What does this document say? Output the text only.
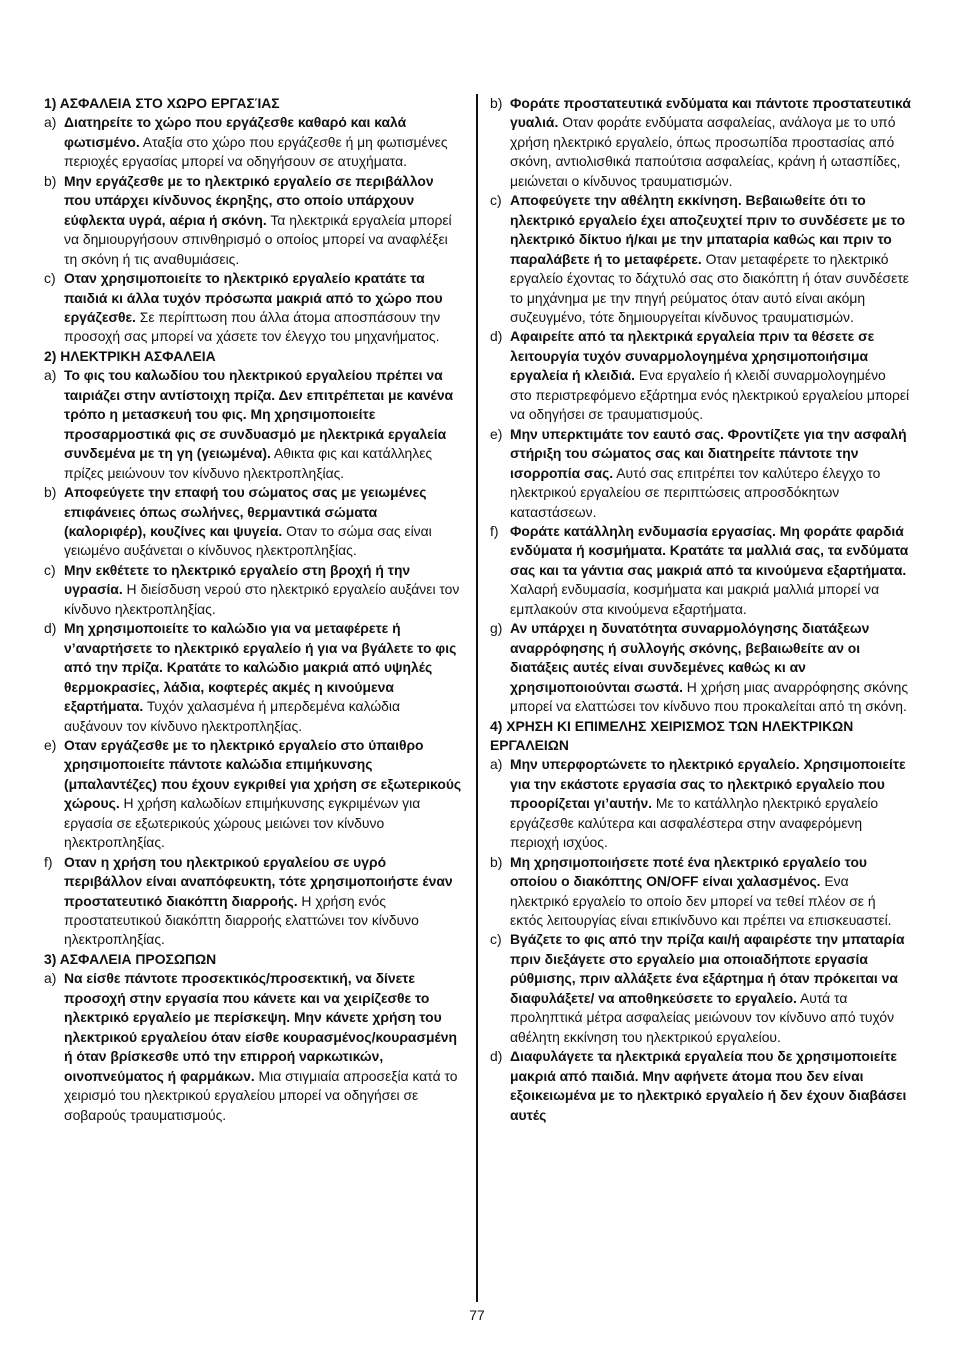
1) ΑΣΦΑΛΕΙΑ ΣΤΟ ΧΩΡΟ ΕΡΓΑΣΊΑΣ
a) Διατηρείτε το χώρο που εργάζεσθε καθαρό και καλά φωτισμένο. Αταξία στο χώρο που εργάζεσθε ή μη φωτισμένες περιοχές εργασίας μπορεί να οδηγήσουν σε ατυχήματα.
b) Μην εργάζεσθε με το ηλεκτρικό εργαλείο σε περιβάλλον που υπάρχει κίνδυνος έκρηξης, στο οποίο υπάρχουν εύφλεκτα υγρά, αέρια ή σκόνη. Τα ηλεκτρικά εργαλεία μπορεί να δημιουργήσουν σπινθηρισμό ο οποίος μπορεί να αναφλέξει τη σκόνη ή τις αναθυμιάσεις.
c) Οταν χρησιμοποιείτε το ηλεκτρικό εργαλείο κρατάτε τα παιδιά κι άλλα τυχόν πρόσωπα μακριά από το χώρο που εργάζεσθε. Σε περίπτωση που άλλα άτομα αποσπάσουν την προσοχή σας μπορεί να χάσετε τον έλεγχο του μηχανήματος.
2) ΗΛΕΚΤΡΙΚΗ ΑΣΦΑΛΕΙΑ
a) Το φις του καλωδίου του ηλεκτρικού εργαλείου πρέπει να ταιριάζει στην αντίστοιχη πρίζα. Δεν επιτρέπεται με κανένα τρόπο η μετασκευή του φις. Μη χρησιμοποιείτε προσαρμοστικά φις σε συνδυασμό με ηλεκτρικά εργαλεία συνδεμένα με τη γη (γειωμένα). Αθικτα φις και κατάλληλες πρίζες μειώνουν τον κίνδυνο ηλεκτροπληξίας.
b) Αποφεύγετε την επαφή του σώματος σας με γειωμένες επιφάνειες όπως σωλήνες, θερμαντικά σώματα (καλοριφέρ), κουζίνες και ψυγεία. Οταν το σώμα σας είναι γειωμένο αυξάνεται ο κίνδυνος ηλεκτροπληξίας.
c) Μην εκθέτετε το ηλεκτρικό εργαλείο στη βροχή ή την υγρασία. Η διείσδυση νερού στο ηλεκτρικό εργαλείο αυξάνει τον κίνδυνο ηλεκτροπληξίας.
d) Μη χρησιμοποιείτε το καλώδιο για να μεταφέρετε ή ν’αναρτήσετε το ηλεκτρικό εργαλείο ή για να βγάλετε το φις από την πρίζα. Κρατάτε το καλώδιο μακριά από υψηλές θερμοκρασίες, λάδια, κοφτερές ακμές η κινούμενα εξαρτήματα. Τυχόν χαλασμένα ή μπερδεμένα καλώδια αυξάνουν τον κίνδυνο ηλεκτροπληξίας.
e) Οταν εργάζεσθε με το ηλεκτρικό εργαλείο στο ύπαιθρο χρησιμοποιείτε πάντοτε καλώδια επιμήκυνσης (μπαλαντέζες) που έχουν εγκριθεί για χρήση σε εξωτερικούς χώρους. Η χρήση καλωδίων επιμήκυνσης εγκριμένων για εργασία σε εξωτερικούς χώρους μειώνει τον κίνδυνο ηλεκτροπληξίας.
f) Οταν η χρήση του ηλεκτρικού εργαλείου σε υγρό περιβάλλον είναι αναπόφευκτη, τότε χρησιμοποιήστε έναν προστατευτικό διακόπτη διαρροής. Η χρήση ενός προστατευτικού διακόπτη διαρροής ελαττώνει τον κίνδυνο ηλεκτροπληξίας.
3) ΑΣΦΑΛΕΙΑ ΠΡΟΣΩΠΩΝ
a) Να είσθε πάντοτε προσεκτικός/προσεκτική, να δίνετε προσοχή στην εργασία που κάνετε και να χειρίζεσθε το ηλεκτρικό εργαλείο με περίσκεψη. Μην κάνετε χρήση του ηλεκτρικού εργαλείου όταν είσθε κουρασμένος/κουρασμένη ή όταν βρίσκεσθε υπό την επιρροή ναρκωτικών, οινοπνεύματος ή φαρμάκων. Μια στιγμιαία απροσεξία κατά το χειρισμό του ηλεκτρικού εργαλείου μπορεί να οδηγήσει σε σοβαρούς τραυματισμούς.
b) Φοράτε προστατευτικά ενδύματα και πάντοτε προστατευτικά γυαλιά. Οταν φοράτε ενδύματα ασφαλείας, ανάλογα με το υπό χρήση ηλεκτρικό εργαλείο, όπως προσωπίδα προστασίας από σκόνη, αντιολισθικά παπούτσια ασφαλείας, κράνη ή ωτασπίδες, μειώνεται ο κίνδυνος τραυματισμών.
c) Αποφεύγετε την αθέλητη εκκίνηση. Βεβαιωθείτε ότι το ηλεκτρικό εργαλείο έχει αποζευχτεί πριν το συνδέσετε με το ηλεκτρικό δίκτυο ή/και με την μπαταρία καθώς και πριν το παραλάβετε ή το μεταφέρετε. Οταν μεταφέρετε το ηλεκτρικό εργαλείο έχοντας το δάχτυλό σας στο διακόπτη ή όταν συνδέσετε το μηχάνημα με την πηγή ρεύματος όταν αυτό είναι ακόμη συζευγμένο, τότε δημιουργείται κίνδυνος τραυματισμών.
d) Αφαιρείτε από τα ηλεκτρικά εργαλεία πριν τα θέσετε σε λειτουργία τυχόν συναρμολογημένα χρησιμοποιήσιμα εργαλεία ή κλειδιά. Ενα εργαλείο ή κλειδί συναρμολογημένο στο περιστρεφόμενο εξάρτημα ενός ηλεκτρικού εργαλείου μπορεί να οδηγήσει σε τραυματισμούς.
e) Μην υπερκτιμάτε τον εαυτό σας. Φροντίζετε για την ασφαλή στήριξη του σώματος σας και διατηρείτε πάντοτε την ισορροπία σας. Αυτό σας επιτρέπει τον καλύτερο έλεγχο το ηλεκτρικού εργαλείου σε περιπτώσεις απροσδόκητων καταστάσεων.
f) Φοράτε κατάλληλη ενδυμασία εργασίας. Μη φοράτε φαρδιά ενδύματα ή κοσμήματα. Κρατάτε τα μαλλιά σας, τα ενδύματα σας και τα γάντια σας μακριά από τα κινούμενα εξαρτήματα. Χαλαρή ενδυμασία, κοσμήματα και μακριά μαλλιά μπορεί να εμπλακούν στα κινούμενα εξαρτήματα.
g) Αν υπάρχει η δυνατότητα συναρμολόγησης διατάξεων αναρρόφησης ή συλλογής σκόνης, βεβαιωθείτε αν οι διατάξεις αυτές είναι συνδεμένες καθώς κι αν χρησιμοποιούνται σωστά. Η χρήση μιας αναρρόφησης σκόνης μπορεί να ελαττώσει τον κίνδυνο που προκαλείται από τη σκόνη.
4) ΧΡΗΣΗ ΚΙ ΕΠΙΜΕΛΗΣ ΧΕΙΡΙΣΜΟΣ ΤΩΝ ΗΛΕΚΤΡΙΚΩΝ ΕΡΓΑΛΕΙΩΝ
a) Μην υπερφορτώνετε το ηλεκτρικό εργαλείο. Χρησιμοποιείτε για την εκάστοτε εργασία σας το ηλεκτρικό εργαλείο που προορίζεται γι’αυτήν. Με το κατάλληλο ηλεκτρικό εργαλείο εργάζεσθε καλύτερα και ασφαλέστερα στην αναφερόμενη περιοχή ισχύος.
b) Μη χρησιμοποιήσετε ποτέ ένα ηλεκτρικό εργαλείο του οποίου ο διακόπτης ON/OFF είναι χαλασμένος. Ενα ηλεκτρικό εργαλείο το οποίο δεν μπορεί να τεθεί πλέον σε ή εκτός λειτουργίας είναι επικίνδυνο και πρέπει να επισκευαστεί.
c) Βγάζετε το φις από την πρίζα και/ή αφαιρέστε την μπαταρία πριν διεξάγετε στο εργαλείο μια οποιαδήποτε εργασία ρύθμισης, πριν αλλάξετε ένα εξάρτημα ή όταν πρόκειται να διαφυλάξετε/ να αποθηκεύσετε το εργαλείο. Αυτά τα προληπτικά μέτρα ασφαλείας μειώνουν τον κίνδυνο από τυχόν αθέλητη εκκίνηση του ηλεκτρικού εργαλείου.
d) Διαφυλάγετε τα ηλεκτρικά εργαλεία που δε χρησιμοποιείτε μακριά από παιδιά. Μην αφήνετε άτομα που δεν είναι εξοικειωμένα με το ηλεκτρικό εργαλείο ή δεν έχουν διαβάσει αυτές
77
